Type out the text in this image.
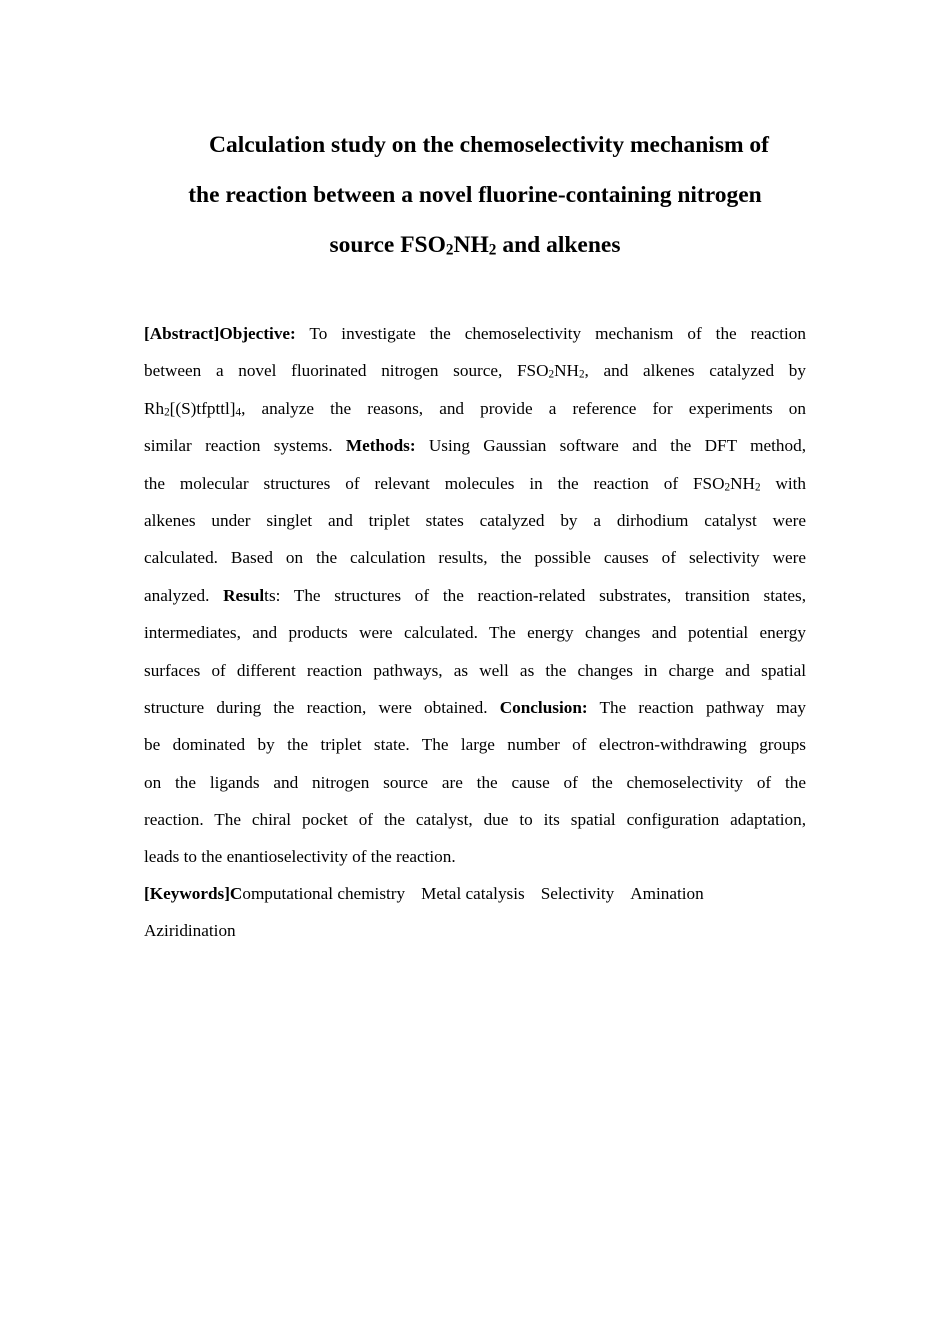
Calculation study on the chemoselectivity mechanism of
the reaction between a novel fluorine-containing nitrogen
source $FSO_2NH_2$ and alkenes
[Abstract]Objective: To investigate the chemoselectivity mechanism of the reaction
between a novel fluorinated nitrogen source, $FSO_2NH_2$, and alkenes catalyzed by
$Rh_2[(S)tfpttl]_4$, analyze the reasons, and provide a reference for experiments on
similar reaction systems. Methods: Using Gaussian software and the DFT method,
the molecular structures of relevant molecules in the reaction of $FSO_2NH_2$ with
alkenes under singlet and triplet states catalyzed by a dirhodium catalyst were
calculated. Based on the calculation results, the possible causes of selectivity were
analyzed. Results: The structures of the reaction-related substrates, transition states,
intermediates, and products were calculated. The energy changes and potential energy
surfaces of different reaction pathways, as well as the changes in charge and spatial
structure during the reaction, were obtained. Conclusion: The reaction pathway may
be dominated by the triplet state. The large number of electron-withdrawing groups
on the ligands and nitrogen source are the cause of the chemoselectivity of the
reaction. The chiral pocket of the catalyst, due to its spatial configuration adaptation,
leads to the enantioselectivity of the reaction.
[Keywords]Computational chemistry Metal catalysis Selectivity Amination
Aziridination
